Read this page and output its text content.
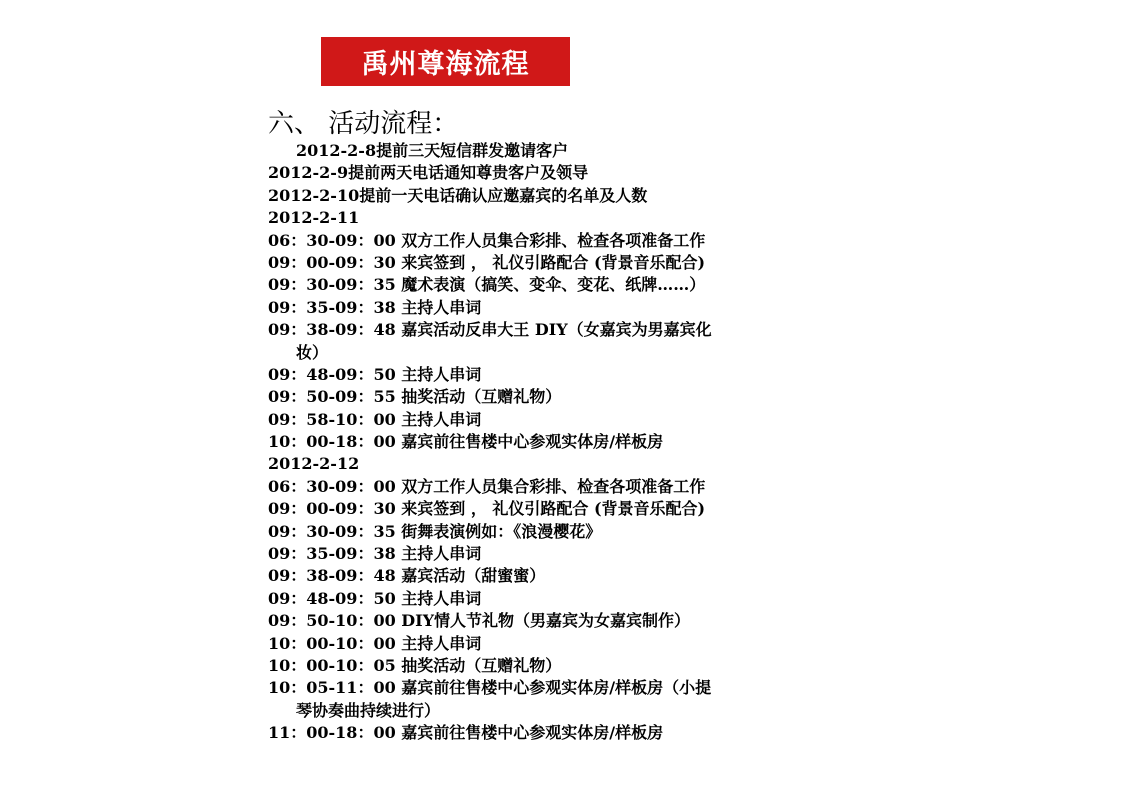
禹州尊海流程
六、 活动流程：
2012-2-8提前三天短信群发邀请客户
2012-2-9提前两天电话通知尊贵客户及领导
2012-2-10提前一天电话确认应邀嘉宾的名单及人数
2012-2-11
06：30-09：00 双方工作人员集合彩排、检查各项准备工作
09：00-09：30 来宾签到 ， 礼仪引路配合 (背景音乐配合)
09：30-09：35 魔术表演（搞笑、变伞、变花、纸牌……）
09：35-09：38 主持人串词
09：38-09：48 嘉宾活动反串大王 DIY（女嘉宾为男嘉宾化
妆）
09：48-09：50 主持人串词
09：50-09：55 抽奖活动（互赠礼物）
09：58-10：00 主持人串词
10：00-18：00 嘉宾前往售楼中心参观实体房/样板房
2012-2-12
06：30-09：00 双方工作人员集合彩排、检查各项准备工作
09：00-09：30 来宾签到 ， 礼仪引路配合 (背景音乐配合)
09：30-09：35 街舞表演例如：《浪漫樱花》
09：35-09：38 主持人串词
09：38-09：48 嘉宾活动（甜蜜蜜）
09：48-09：50 主持人串词
09：50-10：00 DIY情人节礼物（男嘉宾为女嘉宾制作）
10：00-10：00 主持人串词
10：00-10：05 抽奖活动（互赠礼物）
10：05-11：00 嘉宾前往售楼中心参观实体房/样板房（小提
琴协奏曲持续进行）
11：00-18：00 嘉宾前往售楼中心参观实体房/样板房
